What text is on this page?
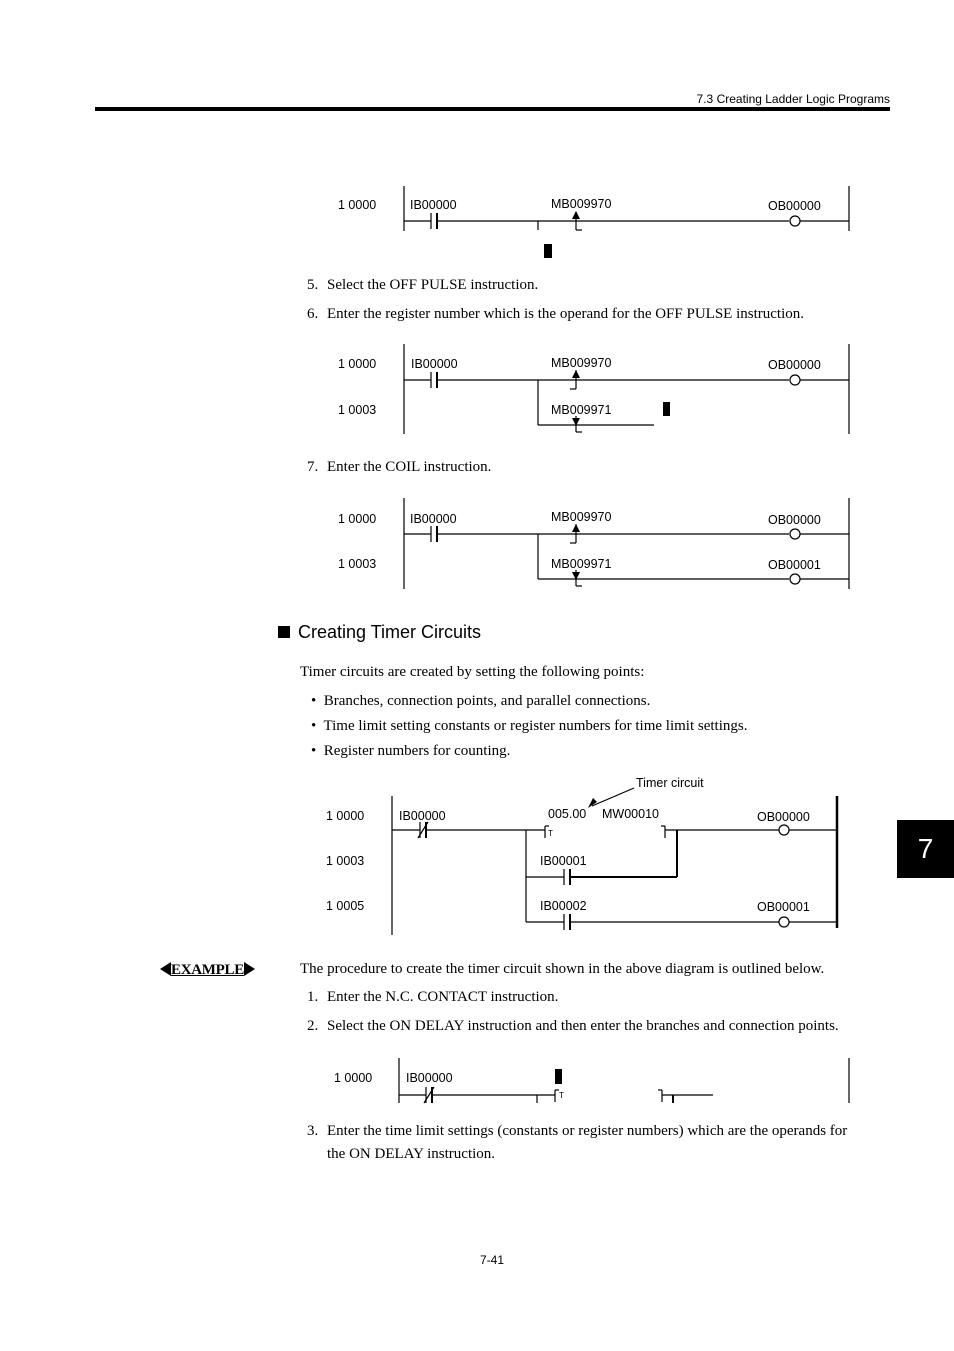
7.3 Creating Ladder Logic Programs
1 0000	IB00000	MB009970	OB00000
1 0000
1 0003
IB00000	MB009970
MB009971
OB00000
1 0000
1 0003
IB00000	MB009970
MB009971
OB00000
OB00001
Timer circuit
1 0000
1 0003
1 0005
IB00000	005.00 MW00010
T
IB00001
IB00002
OB00000
OB00001
1 0000	IB00000
T
5. Select the OFF PULSE instruction.
6. Enter the register number which is the operand for the OFF PULSE instruction.
7. Enter the COIL instruction.
Creating Timer Circuits
Timer circuits are created by setting the following points:
•  Branches, connection points, and parallel connections.
•  Time limit setting constants or register numbers for time limit settings.
•  Register numbers for counting.
7
EXAMPLE	The procedure to create the timer circuit shown in the above diagram is outlined below.
1. Enter the N.C. CONTACT instruction.
2. Select the ON DELAY instruction and then enter the branches and connection points.
3. Enter the time limit settings (constants or register numbers) which are the operands for
the ON DELAY instruction.
7-41
